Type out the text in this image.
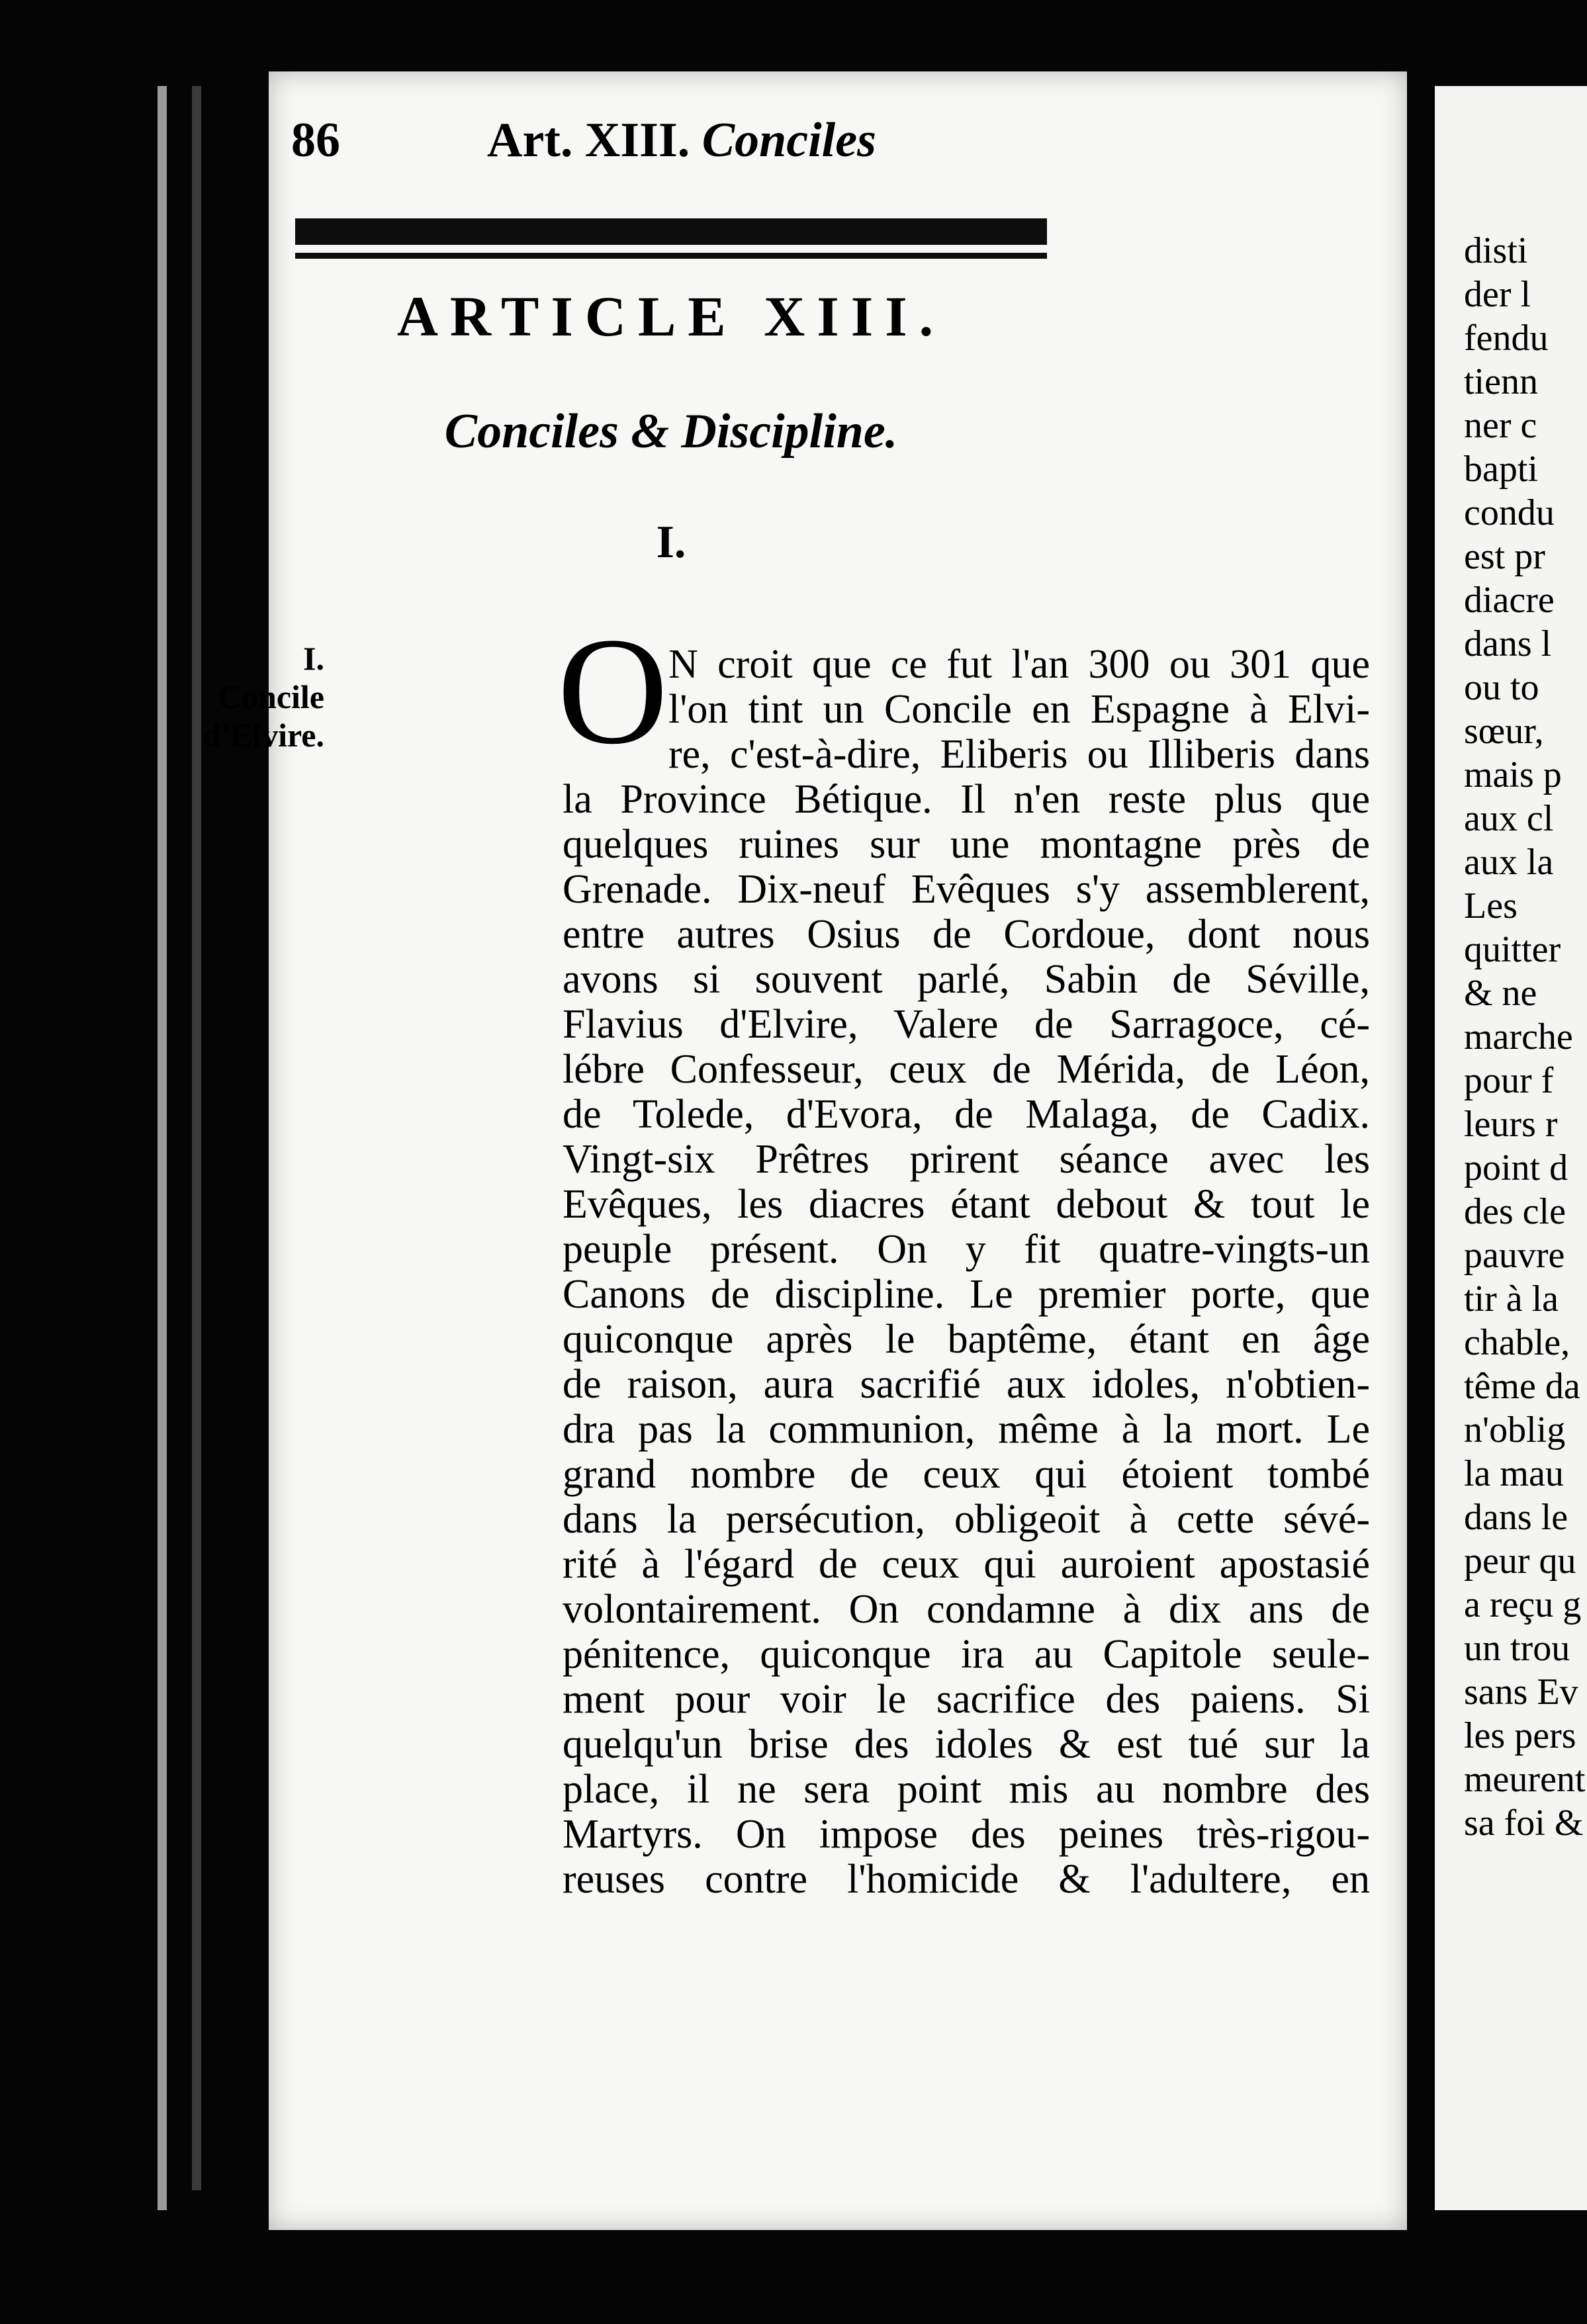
86	Art. XIII. Conciles
ARTICLE XIII.
Conciles & Discipline.
I.
I.
Concile
d'Elvire. O N croit que ce fut l'an 300 ou 301 que
l'on tint un Concile en Espagne à Elvi-
re, c'est-à-dire, Eliberis ou Illiberis dans
la Province Bétique. Il n'en reste plus que
quelques ruines sur une montagne près de
Grenade. Dix-neuf Evêques s'y assemblerent,
entre autres Osius de Cordoue, dont nous
avons si souvent parlé, Sabin de Séville,
Flavius d'Elvire, Valere de Sarragoce, cé-
lébre Confesseur, ceux de Mérida, de Léon,
de Tolede, d'Evora, de Malaga, de Cadix.
Vingt-six Prêtres prirent séance avec les
Evêques, les diacres étant debout & tout le
peuple présent. On y fit quatre-vingts-un
Canons de discipline. Le premier porte, que
quiconque après le baptême, étant en âge
de raison, aura sacrifié aux idoles, n'obtien-
dra pas la communion, même à la mort. Le
grand nombre de ceux qui étoient tombé
dans la persécution, obligeoit à cette sévé-
rité à l'égard de ceux qui auroient apostasié
volontairement. On condamne à dix ans de
pénitence, quiconque ira au Capitole seule-
ment pour voir le sacrifice des paiens. Si
quelqu'un brise des idoles & est tué sur la
place, il ne sera point mis au nombre des
Martyrs. On impose des peines très-rigou-
reuses contre l'homicide & l'adultere, en
disti
der l
fendu
tienn
ner c
bapti
condu
est pr
diacre
dans l
ou to
sœur,
mais p
aux cl
aux la
Les
quitter
& ne
marche
pour f
leurs r
point d
des cle
pauvre
tir à la
chable,
tême da
n'oblig
la mau
dans le
peur qu
a reçu g
un trou
sans Ev
les pers
meurent
sa foi &
